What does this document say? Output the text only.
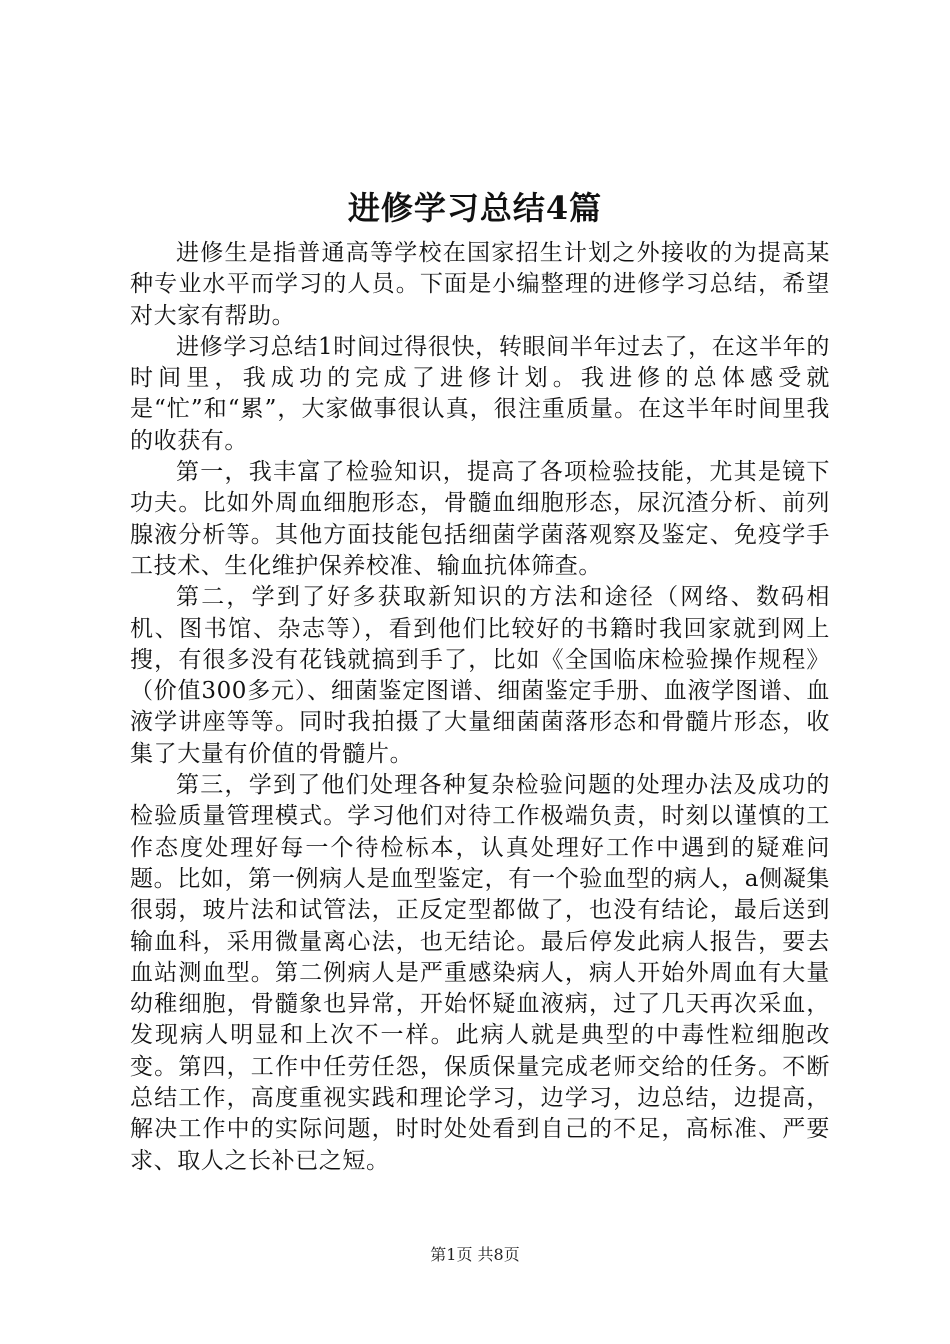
进修学习总结4篇

进修生是指普通高等学校在国家招生计划之外接收的为提高某种专业水平而学习的人员。下面是小编整理的进修学习总结，希望对大家有帮助。

进修学习总结1时间过得很快，转眼间半年过去了，在这半年的时间里，我成功的完成了进修计划。我进修的总体感受就是“忙”和“累”，大家做事很认真，很注重质量。在这半年时间里我的收获有。

第一，我丰富了检验知识，提高了各项检验技能，尤其是镜下功夫。比如外周血细胞形态，骨髓血细胞形态，尿沉渣分析、前列腺液分析等。其他方面技能包括细菌学菌落观察及鉴定、免疫学手工技术、生化维护保养校准、输血抗体筛查。

第二，学到了好多获取新知识的方法和途径（网络、数码相机、图书馆、杂志等），看到他们比较好的书籍时我回家就到网上搜，有很多没有花钱就搞到手了，比如《全国临床检验操作规程》（价值300多元）、细菌鉴定图谱、细菌鉴定手册、血液学图谱、血液学讲座等等。同时我拍摄了大量细菌菌落形态和骨髓片形态，收集了大量有价值的骨髓片。

第三，学到了他们处理各种复杂检验问题的处理办法及成功的检验质量管理模式。学习他们对待工作极端负责，时刻以谨慎的工作态度处理好每一个待检标本，认真处理好工作中遇到的疑难问题。比如，第一例病人是血型鉴定，有一个验血型的病人，a侧凝集很弱，玻片法和试管法，正反定型都做了，也没有结论，最后送到输血科，采用微量离心法，也无结论。最后停发此病人报告，要去血站测血型。第二例病人是严重感染病人，病人开始外周血有大量幼稚细胞，骨髓象也异常，开始怀疑血液病，过了几天再次采血，发现病人明显和上次不一样。此病人就是典型的中毒性粒细胞改变。第四，工作中任劳任怨，保质保量完成老师交给的任务。不断总结工作，高度重视实践和理论学习，边学习，边总结，边提高，解决工作中的实际问题，时时处处看到自己的不足，高标准、严要求、取人之长补已之短。

第1页 共8页
